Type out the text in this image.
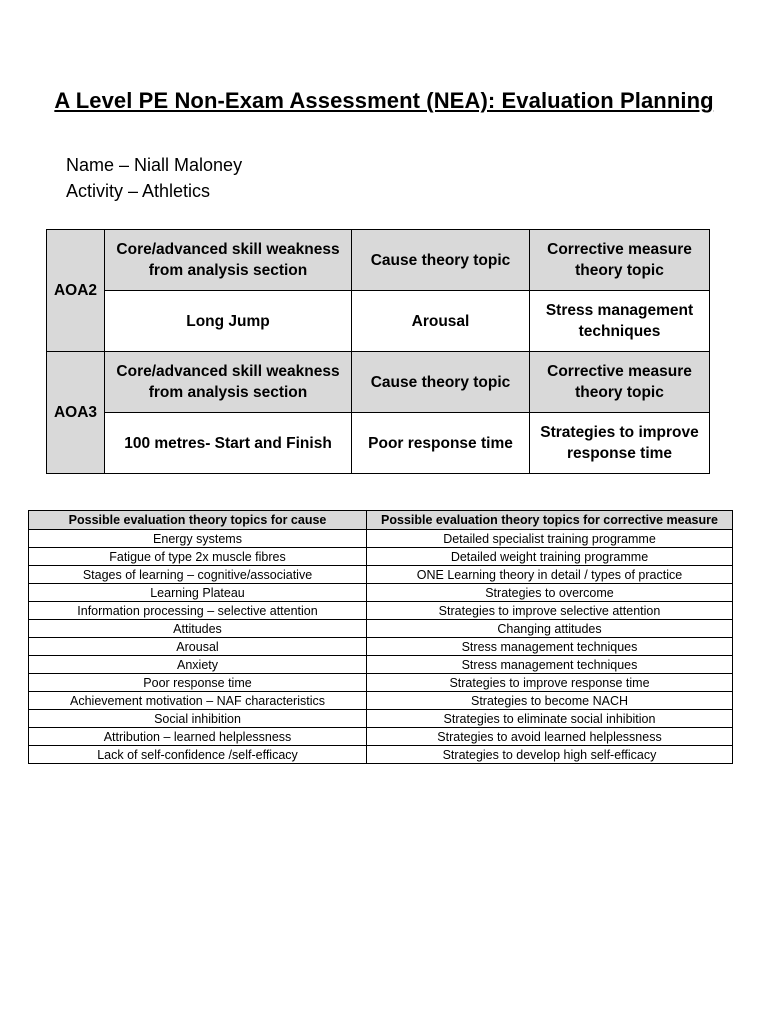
A Level PE Non-Exam Assessment (NEA): Evaluation Planning
Name – Niall Maloney
Activity – Athletics
AOA2	Core/advanced skill weakness from analysis section	Cause theory topic	Corrective measure theory topic
	Long Jump	Arousal	Stress management techniques
AOA3	Core/advanced skill weakness from analysis section	Cause theory topic	Corrective measure theory topic
	100 metres- Start and Finish	Poor response time	Strategies to improve response time
Possible evaluation theory topics for cause	Possible evaluation theory topics for corrective measure
Energy systems	Detailed specialist training programme
Fatigue of type 2x muscle fibres	Detailed weight training programme
Stages of learning – cognitive/associative	ONE Learning theory in detail / types of practice
Learning Plateau	Strategies to overcome
Information processing – selective attention	Strategies to improve selective attention
Attitudes	Changing attitudes
Arousal	Stress management techniques
Anxiety	Stress management techniques
Poor response time	Strategies to improve response time
Achievement motivation – NAF characteristics	Strategies to become NACH
Social inhibition	Strategies to eliminate social inhibition
Attribution – learned helplessness	Strategies to avoid learned helplessness
Lack of self-confidence /self-efficacy	Strategies to develop high self-efficacy
